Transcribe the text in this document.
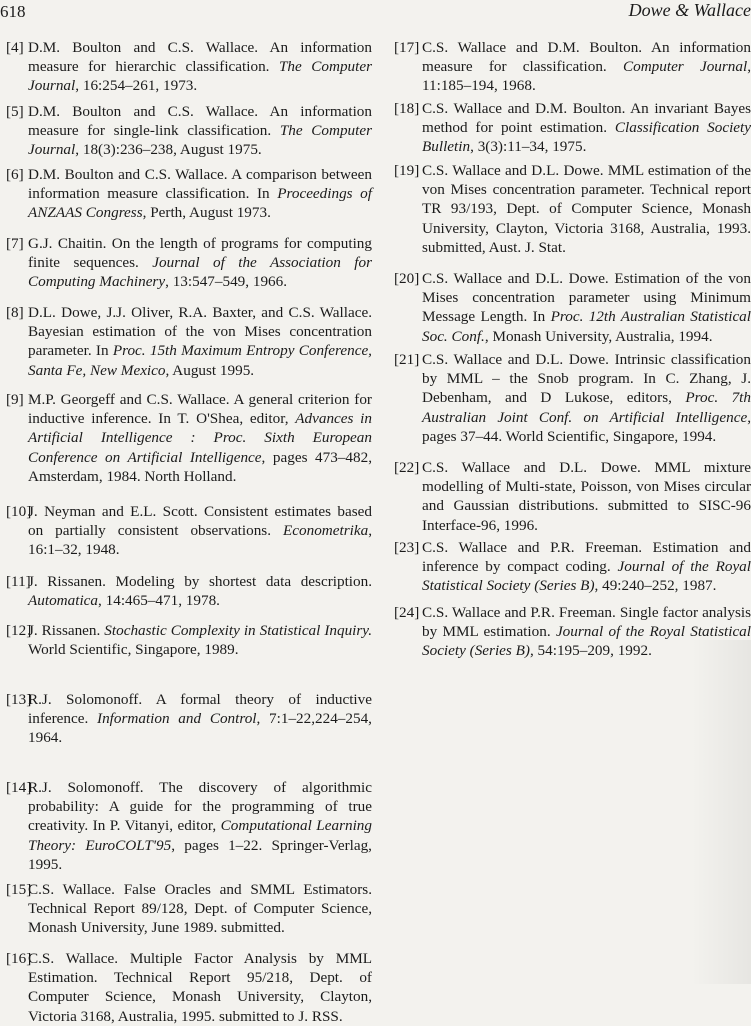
618	Dowe & Wallace
[4] D.M. Boulton and C.S. Wallace. An information measure for hierarchic classification. The Computer Journal, 16:254–261, 1973.
[5] D.M. Boulton and C.S. Wallace. An information measure for single-link classification. The Computer Journal, 18(3):236–238, August 1975.
[6] D.M. Boulton and C.S. Wallace. A comparison between information measure classification. In Proceedings of ANZAAS Congress, Perth, August 1973.
[7] G.J. Chaitin. On the length of programs for computing finite sequences. Journal of the Association for Computing Machinery, 13:547–549, 1966.
[8] D.L. Dowe, J.J. Oliver, R.A. Baxter, and C.S. Wallace. Bayesian estimation of the von Mises concentration parameter. In Proc. 15th Maximum Entropy Conference, Santa Fe, New Mexico, August 1995.
[9] M.P. Georgeff and C.S. Wallace. A general criterion for inductive inference. In T. O'Shea, editor, Advances in Artificial Intelligence : Proc. Sixth European Conference on Artificial Intelligence, pages 473–482, Amsterdam, 1984. North Holland.
[10]
J. Neyman and E.L. Scott. Consistent estimates based on partially consistent observations. Econometrika, 16:1–32, 1948.
[11]
J. Rissanen. Modeling by shortest data description. Automatica, 14:465–471, 1978.
[12]
J. Rissanen. Stochastic Complexity in Statistical Inquiry. World Scientific, Singapore, 1989.
[13]
R.J. Solomonoff. A formal theory of inductive inference. Information and Control, 7:1–22,224–254, 1964.
[14]
R.J. Solomonoff. The discovery of algorithmic probability: A guide for the programming of true creativity. In P. Vitanyi, editor, Computational Learning Theory: EuroCOLT'95, pages 1–22. Springer-Verlag, 1995.
[15]
C.S. Wallace. False Oracles and SMML Estimators. Technical Report 89/128, Dept. of Computer Science, Monash University, June 1989. submitted.
[16]
C.S. Wallace. Multiple Factor Analysis by MML Estimation. Technical Report 95/218, Dept. of Computer Science, Monash University, Clayton, Victoria 3168, Australia, 1995. submitted to J. RSS.
[17] C.S. Wallace and D.M. Boulton. An information measure for classification. Computer Journal, 11:185–194, 1968.
[18] C.S. Wallace and D.M. Boulton. An invariant Bayes method for point estimation. Classification Society Bulletin, 3(3):11–34, 1975.
[19] C.S. Wallace and D.L. Dowe. MML estimation of the von Mises concentration parameter. Technical report TR 93/193, Dept. of Computer Science, Monash University, Clayton, Victoria 3168, Australia, 1993. submitted, Aust. J. Stat.
[20] C.S. Wallace and D.L. Dowe. Estimation of the von Mises concentration parameter using Minimum Message Length. In Proc. 12th Australian Statistical Soc. Conf., Monash University, Australia, 1994.
[21] C.S. Wallace and D.L. Dowe. Intrinsic classification by MML – the Snob program. In C. Zhang, J. Debenham, and D Lukose, editors, Proc. 7th Australian Joint Conf. on Artificial Intelligence, pages 37–44. World Scientific, Singapore, 1994.
[22] C.S. Wallace and D.L. Dowe. MML mixture modelling of Multi-state, Poisson, von Mises circular and Gaussian distributions. submitted to SISC-96 Interface-96, 1996.
[23] C.S. Wallace and P.R. Freeman. Estimation and inference by compact coding. Journal of the Royal Statistical Society (Series B), 49:240–252, 1987.
[24] C.S. Wallace and P.R. Freeman. Single factor analysis by MML estimation. Journal of the Royal Statistical Society (Series B), 54:195–209, 1992.
